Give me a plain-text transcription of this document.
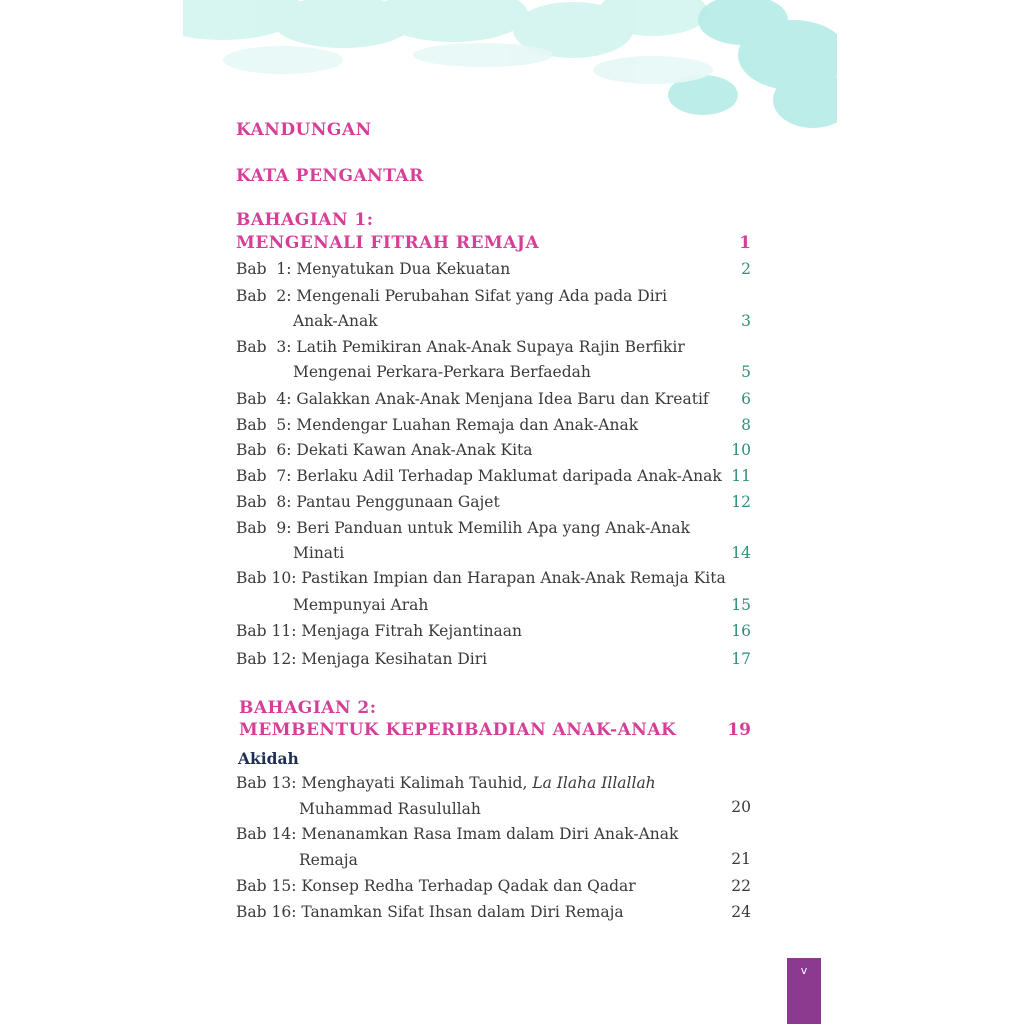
KANDUNGAN
KATA PENGANTAR
BAHAGIAN 1:
MENGENALI FITRAH REMAJA	1
Bab  1: Menyatukan Dua Kekuatan	2
Bab  2: Mengenali Perubahan Sifat yang Ada pada Diri
Anak-Anak	3
Bab  3: Latih Pemikiran Anak-Anak Supaya Rajin Berfikir
Mengenai Perkara-Perkara Berfaedah	5
Bab  4: Galakkan Anak-Anak Menjana Idea Baru dan Kreatif	6
Bab  5: Mendengar Luahan Remaja dan Anak-Anak	8
Bab  6: Dekati Kawan Anak-Anak Kita	10
Bab  7: Berlaku Adil Terhadap Maklumat daripada Anak-Anak 11
Bab  8: Pantau Penggunaan Gajet	12
Bab  9: Beri Panduan untuk Memilih Apa yang Anak-Anak
Minati	14
Bab 10: Pastikan Impian dan Harapan Anak-Anak Remaja Kita
Mempunyai Arah	15
Bab 11: Menjaga Fitrah Kejantinaan	16
Bab 12: Menjaga Kesihatan Diri	17
BAHAGIAN 2:
MEMBENTUK KEPERIBADIAN ANAK-ANAK	19
Akidah
Bab 13: Menghayati Kalimah Tauhid, La Ilaha Illallah
Muhammad Rasulullah	20
Bab 14: Menanamkan Rasa Imam dalam Diri Anak-Anak
Remaja	21
Bab 15: Konsep Redha Terhadap Qadak dan Qadar	22
Bab 16: Tanamkan Sifat Ihsan dalam Diri Remaja	24
v
